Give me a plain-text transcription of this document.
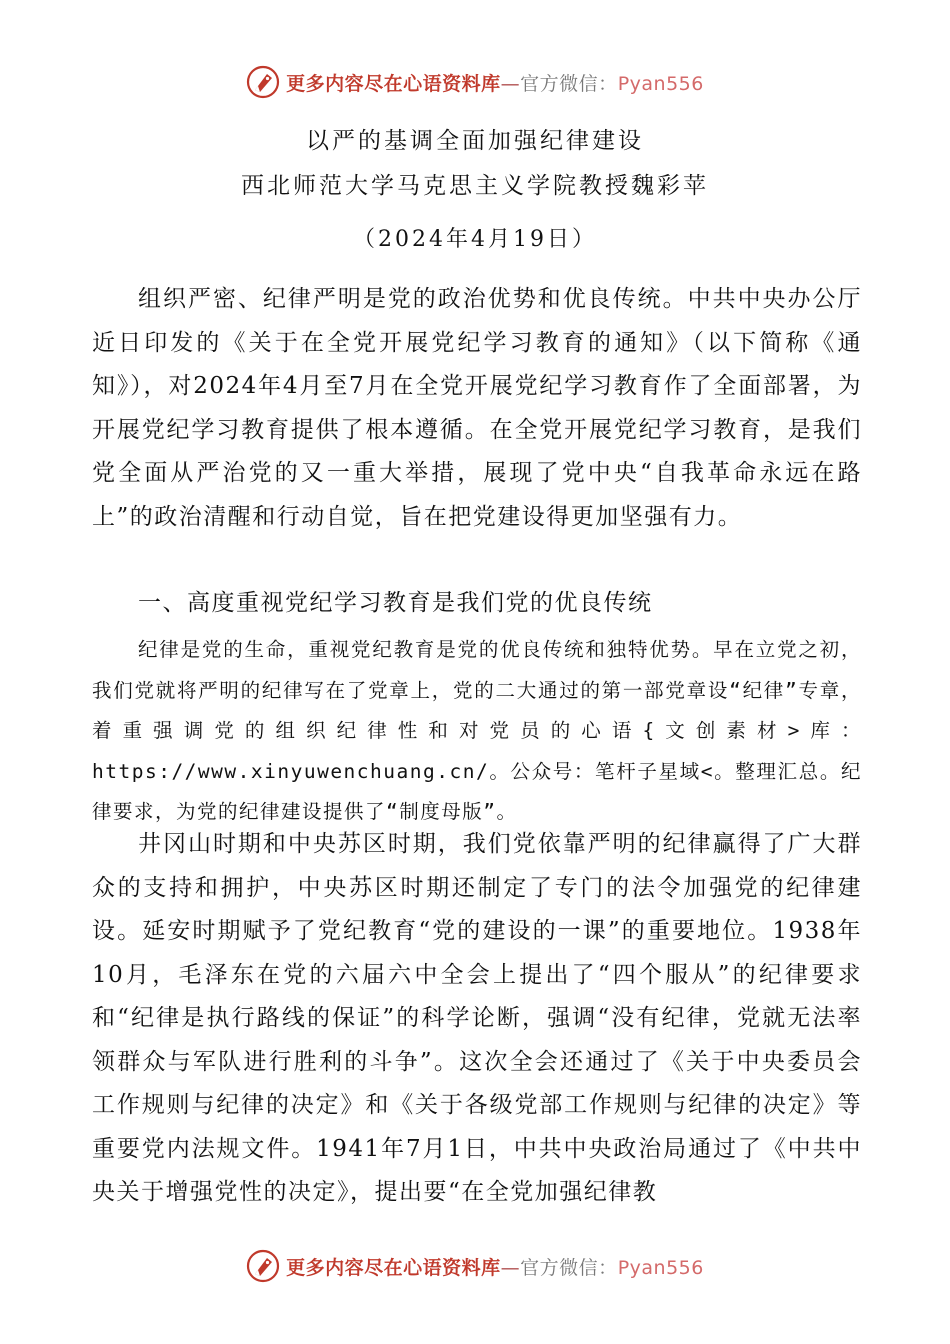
更多内容尽在心语资料库—官方微信：Pyan556
以严的基调全面加强纪律建设
西北师范大学马克思主义学院教授魏彩苹
（2024年4月19日）

组织严密、纪律严明是党的政治优势和优良传统。中共中央办公厅近日印发的《关于在全党开展党纪学习教育的通知》（以下简称《通知》），对2024年4月至7月在全党开展党纪学习教育作了全面部署，为开展党纪学习教育提供了根本遵循。在全党开展党纪学习教育，是我们党全面从严治党的又一重大举措，展现了党中央“自我革命永远在路上”的政治清醒和行动自觉，旨在把党建设得更加坚强有力。

一、高度重视党纪学习教育是我们党的优良传统

纪律是党的生命，重视党纪教育是党的优良传统和独特优势。早在立党之初，我们党就将严明的纪律写在了党章上，党的二大通过的第一部党章设“纪律”专章，着重强调党的组织纪律性和对党员的心语{文创素材>库：https://www.xinyuwenchuang.cn/。公众号：笔杆子星域<。整理汇总。纪律要求，为党的纪律建设提供了“制度母版”。

井冈山时期和中央苏区时期，我们党依靠严明的纪律赢得了广大群众的支持和拥护，中央苏区时期还制定了专门的法令加强党的纪律建设。延安时期赋予了党纪教育“党的建设的一课”的重要地位。1938年10月，毛泽东在党的六届六中全会上提出了“四个服从”的纪律要求和“纪律是执行路线的保证”的科学论断，强调“没有纪律，党就无法率领群众与军队进行胜利的斗争”。这次全会还通过了《关于中央委员会工作规则与纪律的决定》和《关于各级党部工作规则与纪律的决定》等重要党内法规文件。1941年7月1日，中共中央政治局通过了《中共中央关于增强党性的决定》，提出要“在全党加强纪律教

更多内容尽在心语资料库—官方微信：Pyan556
